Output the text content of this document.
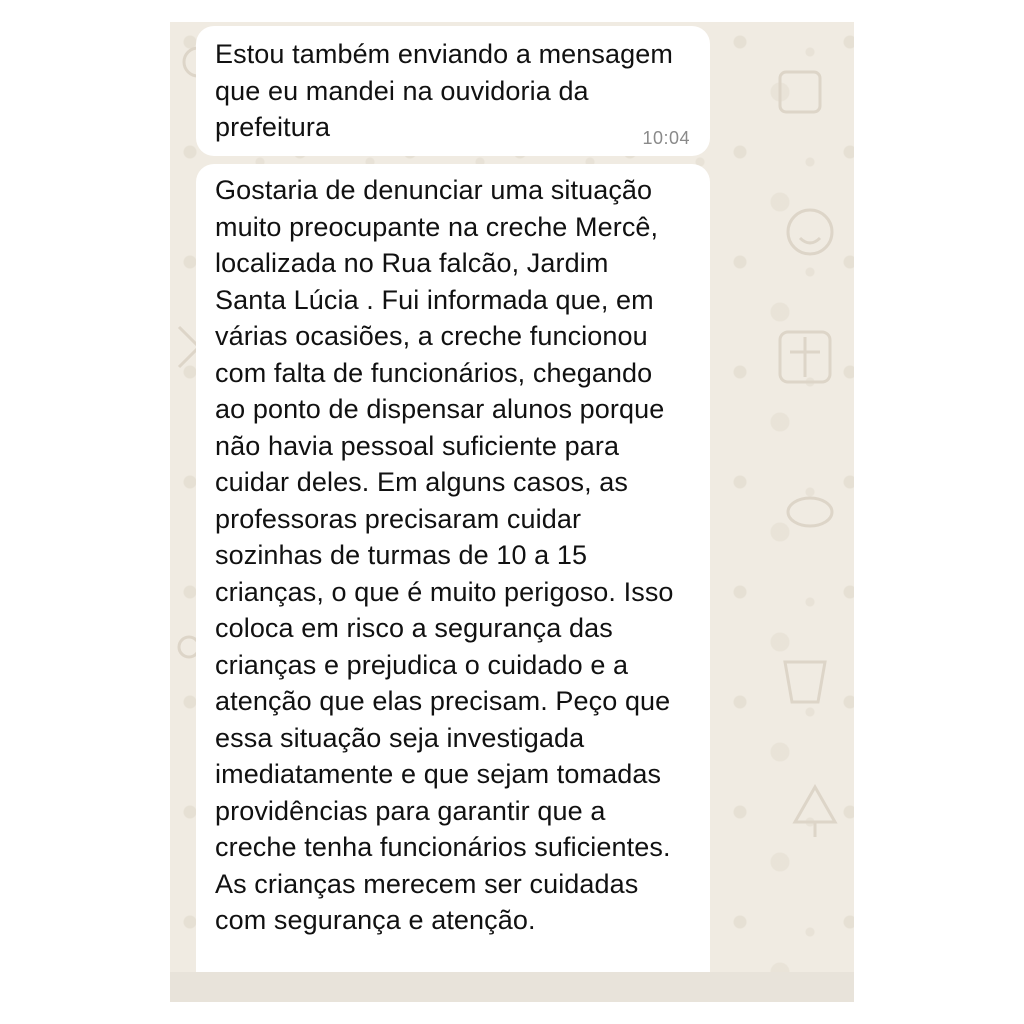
Estou também enviando a mensagem
que eu mandei na ouvidoria da
prefeitura	10:04
Gostaria de denunciar uma situação
muito preocupante na creche Mercê,
localizada no Rua falcão, Jardim
Santa Lúcia . Fui informada que, em
várias ocasiões, a creche funcionou
com falta de funcionários, chegando
ao ponto de dispensar alunos porque
não havia pessoal suficiente para
cuidar deles. Em alguns casos, as
professoras precisaram cuidar
sozinhas de turmas de 10 a 15
crianças, o que é muito perigoso. Isso
coloca em risco a segurança das
crianças e prejudica o cuidado e a
atenção que elas precisam. Peço que
essa situação seja investigada
imediatamente e que sejam tomadas
providências para garantir que a
creche tenha funcionários suficientes.
As crianças merecem ser cuidadas
com segurança e atenção.
